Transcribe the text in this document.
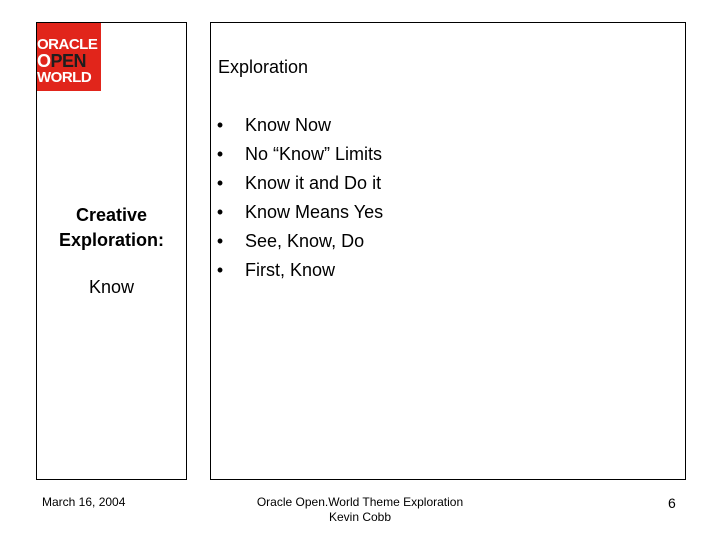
ORACLE
OPEN
WORLD
Creative
Exploration:
Know
Exploration
• Know Now
• No “Know” Limits
• Know it and Do it
• Know Means Yes
• See, Know, Do
• First, Know
March 16, 2004	Oracle Open.World Theme Exploration
Kevin Cobb
6
